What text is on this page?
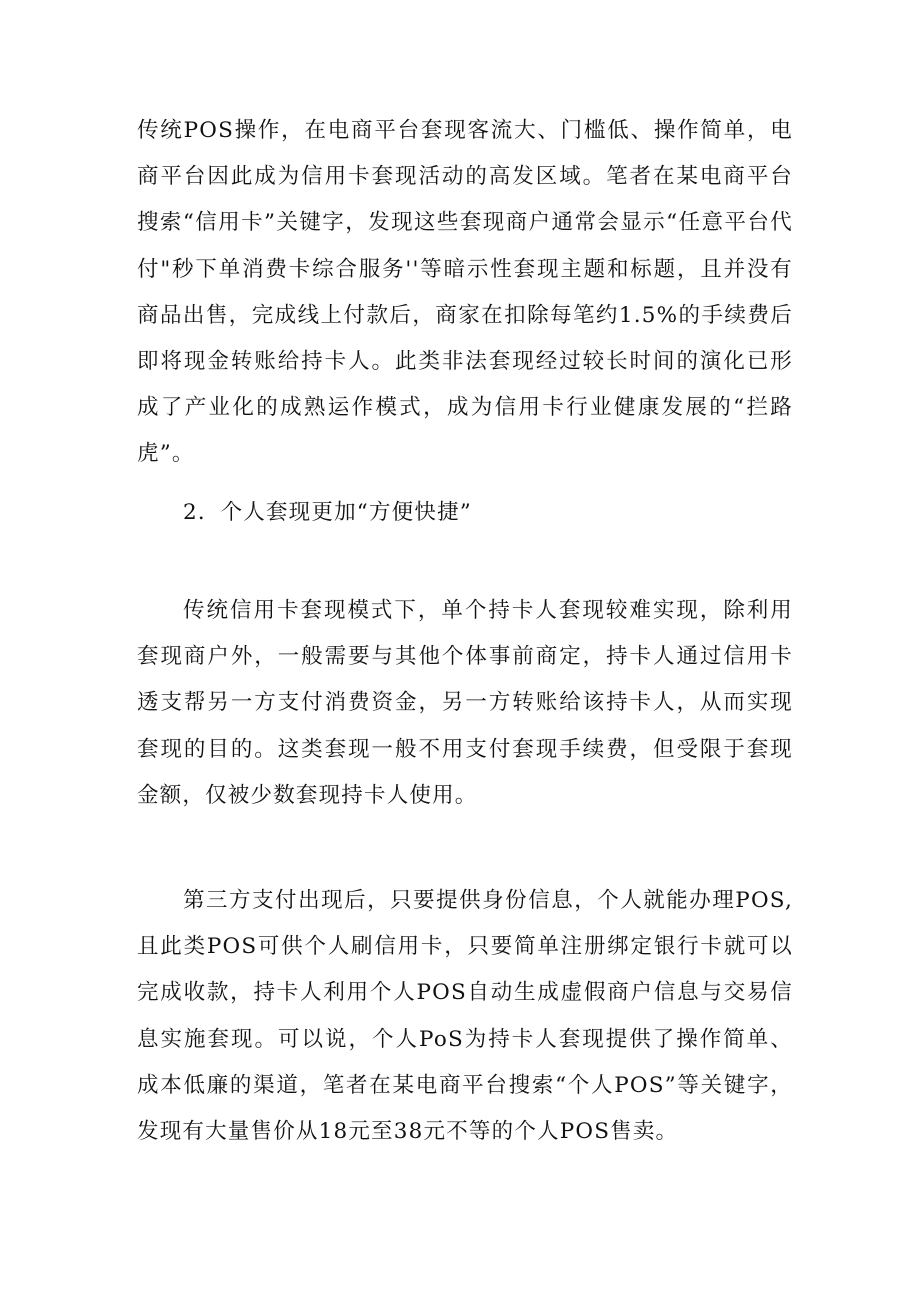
传统POS操作，在电商平台套现客流大、门槛低、操作简单，电商平台因此成为信用卡套现活动的高发区域。笔者在某电商平台搜索“信用卡”关键字，发现这些套现商户通常会显示“任意平台代付"秒下单消费卡综合服务''等暗示性套现主题和标题，且并没有商品出售，完成线上付款后，商家在扣除每笔约1.5%的手续费后即将现金转账给持卡人。此类非法套现经过较长时间的演化已形成了产业化的成熟运作模式，成为信用卡行业健康发展的“拦路虎”。

2．个人套现更加“方便快捷”

传统信用卡套现模式下，单个持卡人套现较难实现，除利用套现商户外，一般需要与其他个体事前商定，持卡人通过信用卡透支帮另一方支付消费资金，另一方转账给该持卡人，从而实现套现的目的。这类套现一般不用支付套现手续费，但受限于套现金额，仅被少数套现持卡人使用。

第三方支付出现后，只要提供身份信息，个人就能办理POS,且此类POS可供个人刷信用卡，只要简单注册绑定银行卡就可以完成收款，持卡人利用个人POS自动生成虚假商户信息与交易信息实施套现。可以说，个人PoS为持卡人套现提供了操作简单、成本低廉的渠道，笔者在某电商平台搜索“个人POS”等关键字，发现有大量售价从18元至38元不等的个人POS售卖。
